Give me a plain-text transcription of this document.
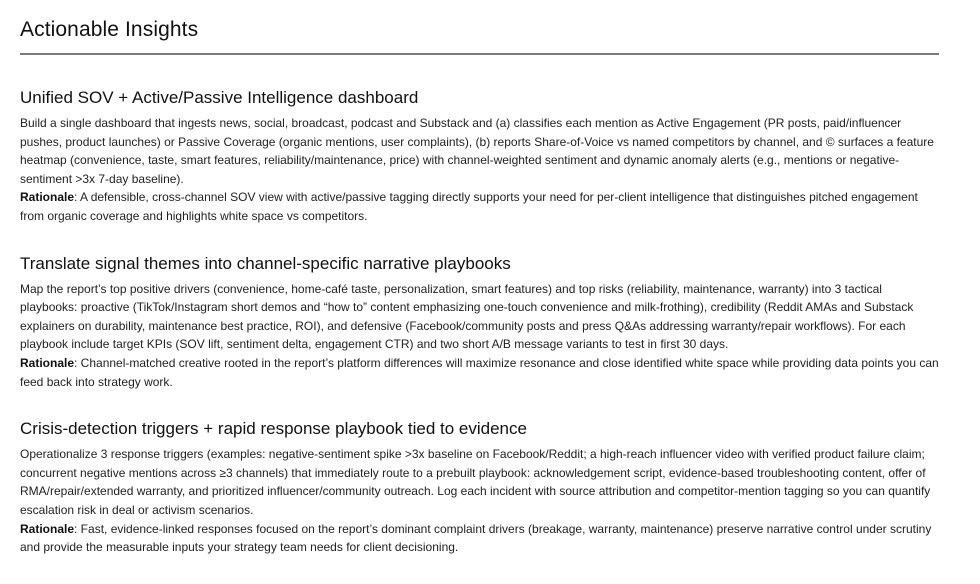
Actionable Insights
Unified SOV + Active/Passive Intelligence dashboard

Build a single dashboard that ingests news, social, broadcast, podcast and Substack and (a) classifies each mention as Active Engagement (PR posts, paid/influencer pushes, product launches) or Passive Coverage (organic mentions, user complaints), (b) reports Share-of-Voice vs named competitors by channel, and © surfaces a feature heatmap (convenience, taste, smart features, reliability/maintenance, price) with channel-weighted sentiment and dynamic anomaly alerts (e.g., mentions or negative-sentiment >3x 7-day baseline).

Rationale: A defensible, cross-channel SOV view with active/passive tagging directly supports your need for per-client intelligence that distinguishes pitched engagement from organic coverage and highlights white space vs competitors.

Translate signal themes into channel-specific narrative playbooks

Map the report’s top positive drivers (convenience, home-café taste, personalization, smart features) and top risks (reliability, maintenance, warranty) into 3 tactical playbooks: proactive (TikTok/Instagram short demos and “how to” content emphasizing one-touch convenience and milk-frothing), credibility (Reddit AMAs and Substack explainers on durability, maintenance best practice, ROI), and defensive (Facebook/community posts and press Q&As addressing warranty/repair workflows). For each playbook include target KPIs (SOV lift, sentiment delta, engagement CTR) and two short A/B message variants to test in first 30 days.

Rationale: Channel-matched creative rooted in the report’s platform differences will maximize resonance and close identified white space while providing data points you can feed back into strategy work.

Crisis-detection triggers + rapid response playbook tied to evidence

Operationalize 3 response triggers (examples: negative-sentiment spike >3x baseline on Facebook/Reddit; a high-reach influencer video with verified product failure claim; concurrent negative mentions across ≥3 channels) that immediately route to a prebuilt playbook: acknowledgement script, evidence-based troubleshooting content, offer of RMA/repair/extended warranty, and prioritized influencer/community outreach. Log each incident with source attribution and competitor-mention tagging so you can quantify escalation risk in deal or activism scenarios.

Rationale: Fast, evidence-linked responses focused on the report’s dominant complaint drivers (breakage, warranty, maintenance) preserve narrative control under scrutiny and provide the measurable inputs your strategy team needs for client decisioning.
